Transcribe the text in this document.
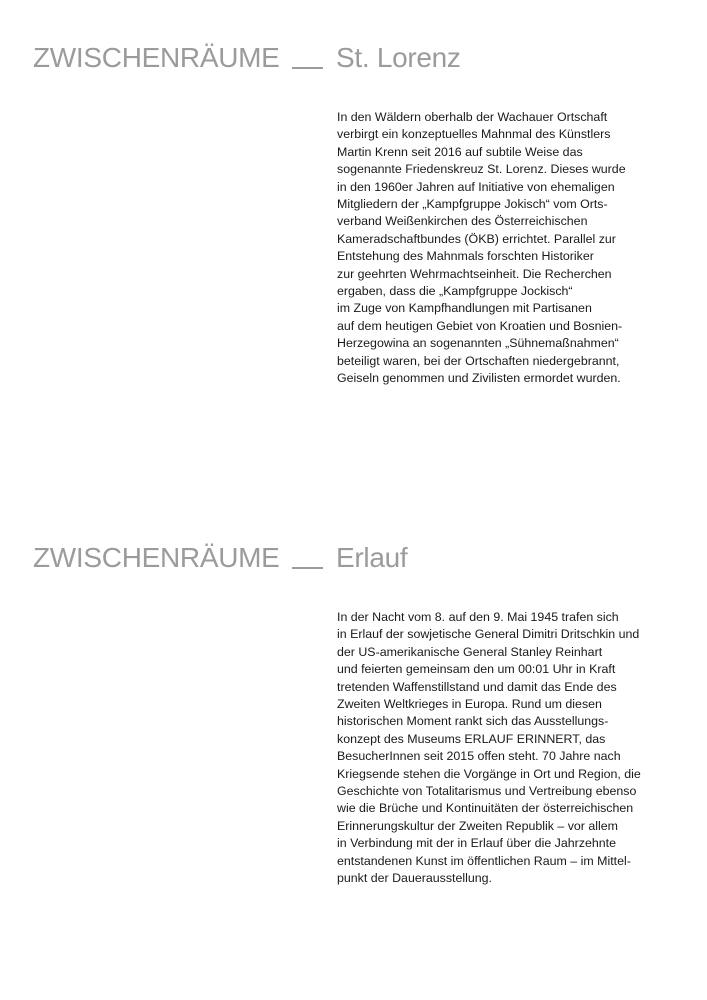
ZWISCHENRÄUME St. Lorenz
In den Wäldern oberhalb der Wachauer Ortschaft
verbirgt ein konzeptuelles Mahnmal des Künstlers
Martin Krenn seit 2016 auf subtile Weise das
sogenannte Friedenskreuz St. Lorenz. Dieses wurde
in den 1960er Jahren auf Initiative von ehemaligen
Mitgliedern der „Kampfgruppe Jokisch“ vom Orts-
verband Weißenkirchen des Österreichischen
Kameradschaftbundes (ÖKB) errichtet. Parallel zur
Entstehung des Mahnmals forschten Historiker
zur geehrten Wehrmachtseinheit. Die Recherchen
ergaben, dass die „Kampfgruppe Jockisch“
im Zuge von Kampfhandlungen mit Partisanen
auf dem heutigen Gebiet von Kroatien und Bosnien-
Herzegowina an sogenannten „Sühnemaßnahmen“
beteiligt waren, bei der Ortschaften niedergebrannt,
Geiseln genommen und Zivilisten ermordet wurden.
ZWISCHENRÄUME Erlauf
In der Nacht vom 8. auf den 9. Mai 1945 trafen sich
in Erlauf der sowjetische General Dimitri Dritschkin und
der US-amerikanische General Stanley Reinhart
und feierten gemeinsam den um 00:01 Uhr in Kraft
tretenden Waffenstillstand und damit das Ende des
Zweiten Weltkrieges in Europa. Rund um diesen
historischen Moment rankt sich das Ausstellungs-
konzept des Museums ERLAUF ERINNERT, das
BesucherInnen seit 2015 offen steht. 70 Jahre nach
Kriegsende stehen die Vorgänge in Ort und Region, die
Geschichte von Totalitarismus und Vertreibung ebenso
wie die Brüche und Kontinuitäten der österreichischen
Erinnerungskultur der Zweiten Republik – vor allem
in Verbindung mit der in Erlauf über die Jahrzehnte
entstandenen Kunst im öffentlichen Raum – im Mittel-
punkt der Dauerausstellung.
